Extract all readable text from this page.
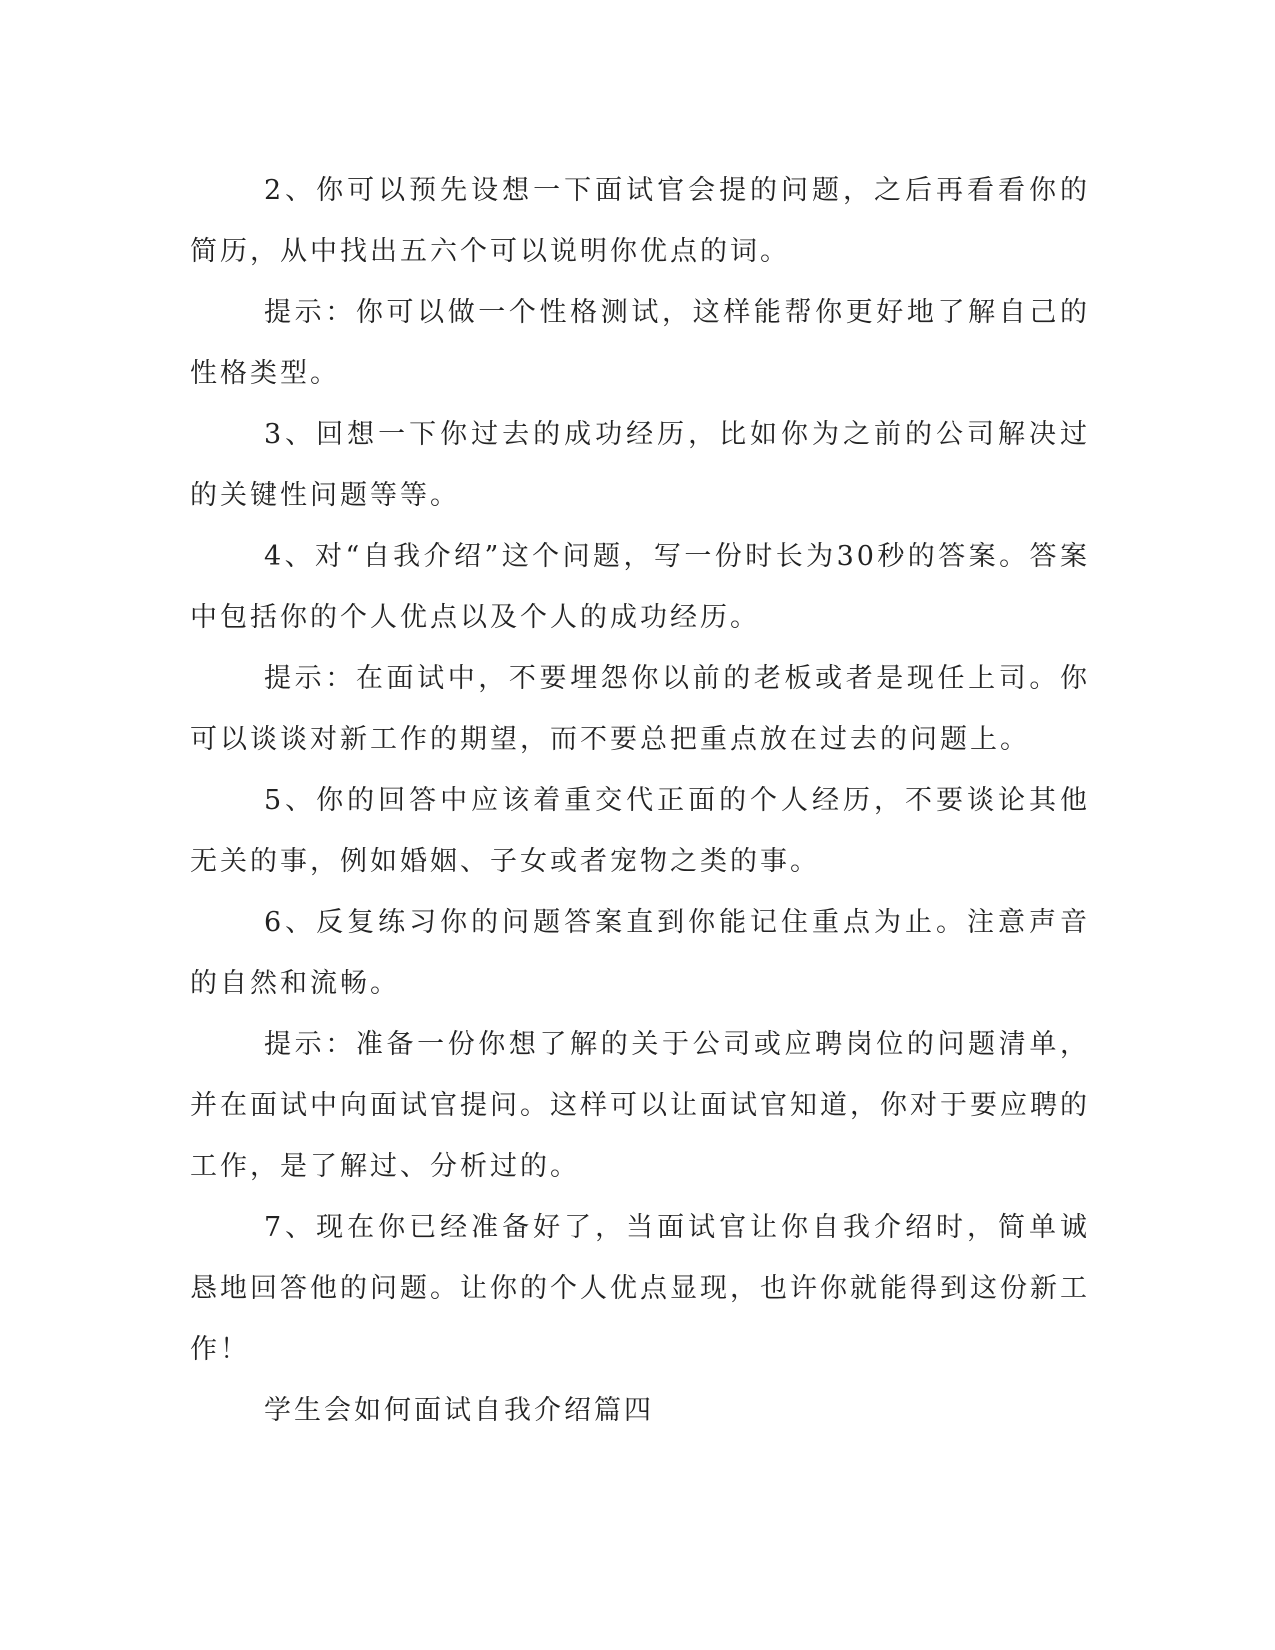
2、你可以预先设想一下面试官会提的问题，之后再看看你的简历，从中找出五六个可以说明你优点的词。

提示：你可以做一个性格测试，这样能帮你更好地了解自己的性格类型。

3、回想一下你过去的成功经历，比如你为之前的公司解决过的关键性问题等等。

4、对“自我介绍”这个问题，写一份时长为30秒的答案。答案中包括你的个人优点以及个人的成功经历。

提示：在面试中，不要埋怨你以前的老板或者是现任上司。你可以谈谈对新工作的期望，而不要总把重点放在过去的问题上。

5、你的回答中应该着重交代正面的个人经历，不要谈论其他无关的事，例如婚姻、子女或者宠物之类的事。

6、反复练习你的问题答案直到你能记住重点为止。注意声音的自然和流畅。

提示：准备一份你想了解的关于公司或应聘岗位的问题清单，并在面试中向面试官提问。这样可以让面试官知道，你对于要应聘的工作，是了解过、分析过的。

7、现在你已经准备好了，当面试官让你自我介绍时，简单诚恳地回答他的问题。让你的个人优点显现，也许你就能得到这份新工作！

学生会如何面试自我介绍篇四
